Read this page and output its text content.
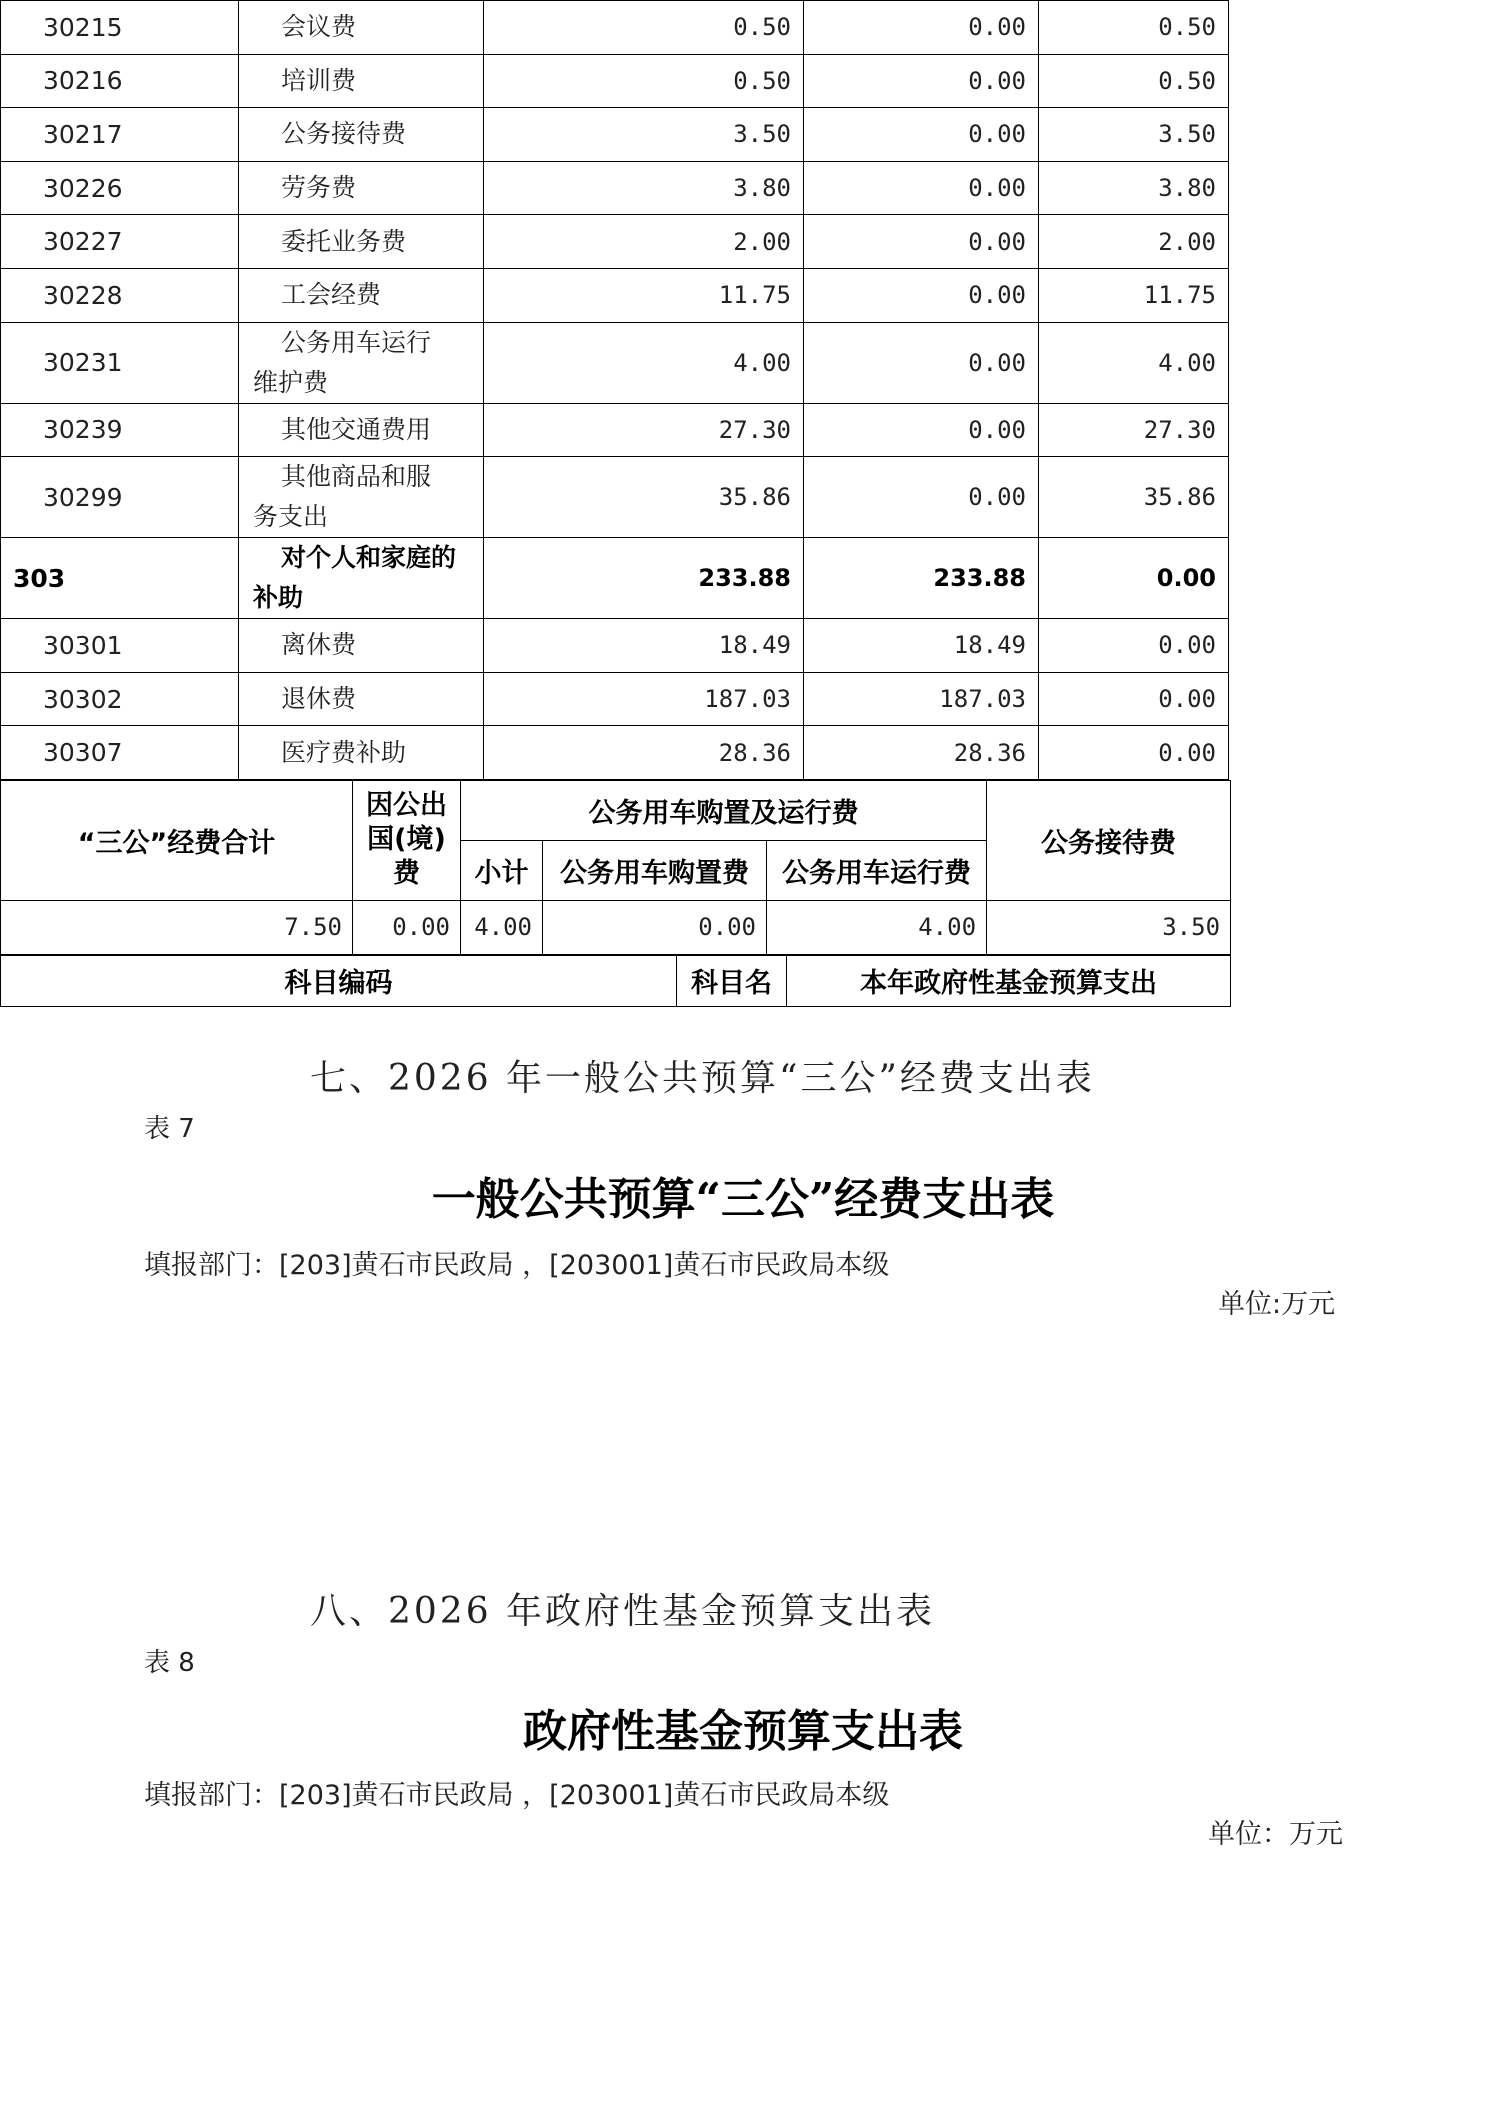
30215	会议费	0.50	0.00	0.50
30216	培训费	0.50	0.00	0.50
30217	公务接待费	3.50	0.00	3.50
30226	劳务费	3.80	0.00	3.80
30227	委托业务费	2.00	0.00	2.00
30228	工会经费	11.75	0.00	11.75
30231	公务用车运行
维护费	4.00	0.00	4.00
30239	其他交通费用	27.30	0.00	27.30
30299	其他商品和服
务支出	35.86	0.00	35.86
303	对个人和家庭的
补助	233.88	233.88	0.00
30301	离休费	18.49	18.49	0.00
30302	退休费	187.03	187.03	0.00
30307	医疗费补助	28.36	28.36	0.00
七、2026 年一般公共预算“三公”经费支出表
表 7
一般公共预算“三公”经费支出表
填报部门：[203]黄石市民政局 ，[203001]黄石市民政局本级
单位:万元
“三公”经费合计	因公出
国(境)
费	公务用车购置及运行费			公务接待费
		小计	公务用车购置费	公务用车运行费	
7.50	0.00	4.00	0.00	4.00	3.50
八、2026 年政府性基金预算支出表
表 8
政府性基金预算支出表
填报部门：[203]黄石市民政局 ，[203001]黄石市民政局本级
单位：万元
科目编码	科目名	本年政府性基金预算支出
